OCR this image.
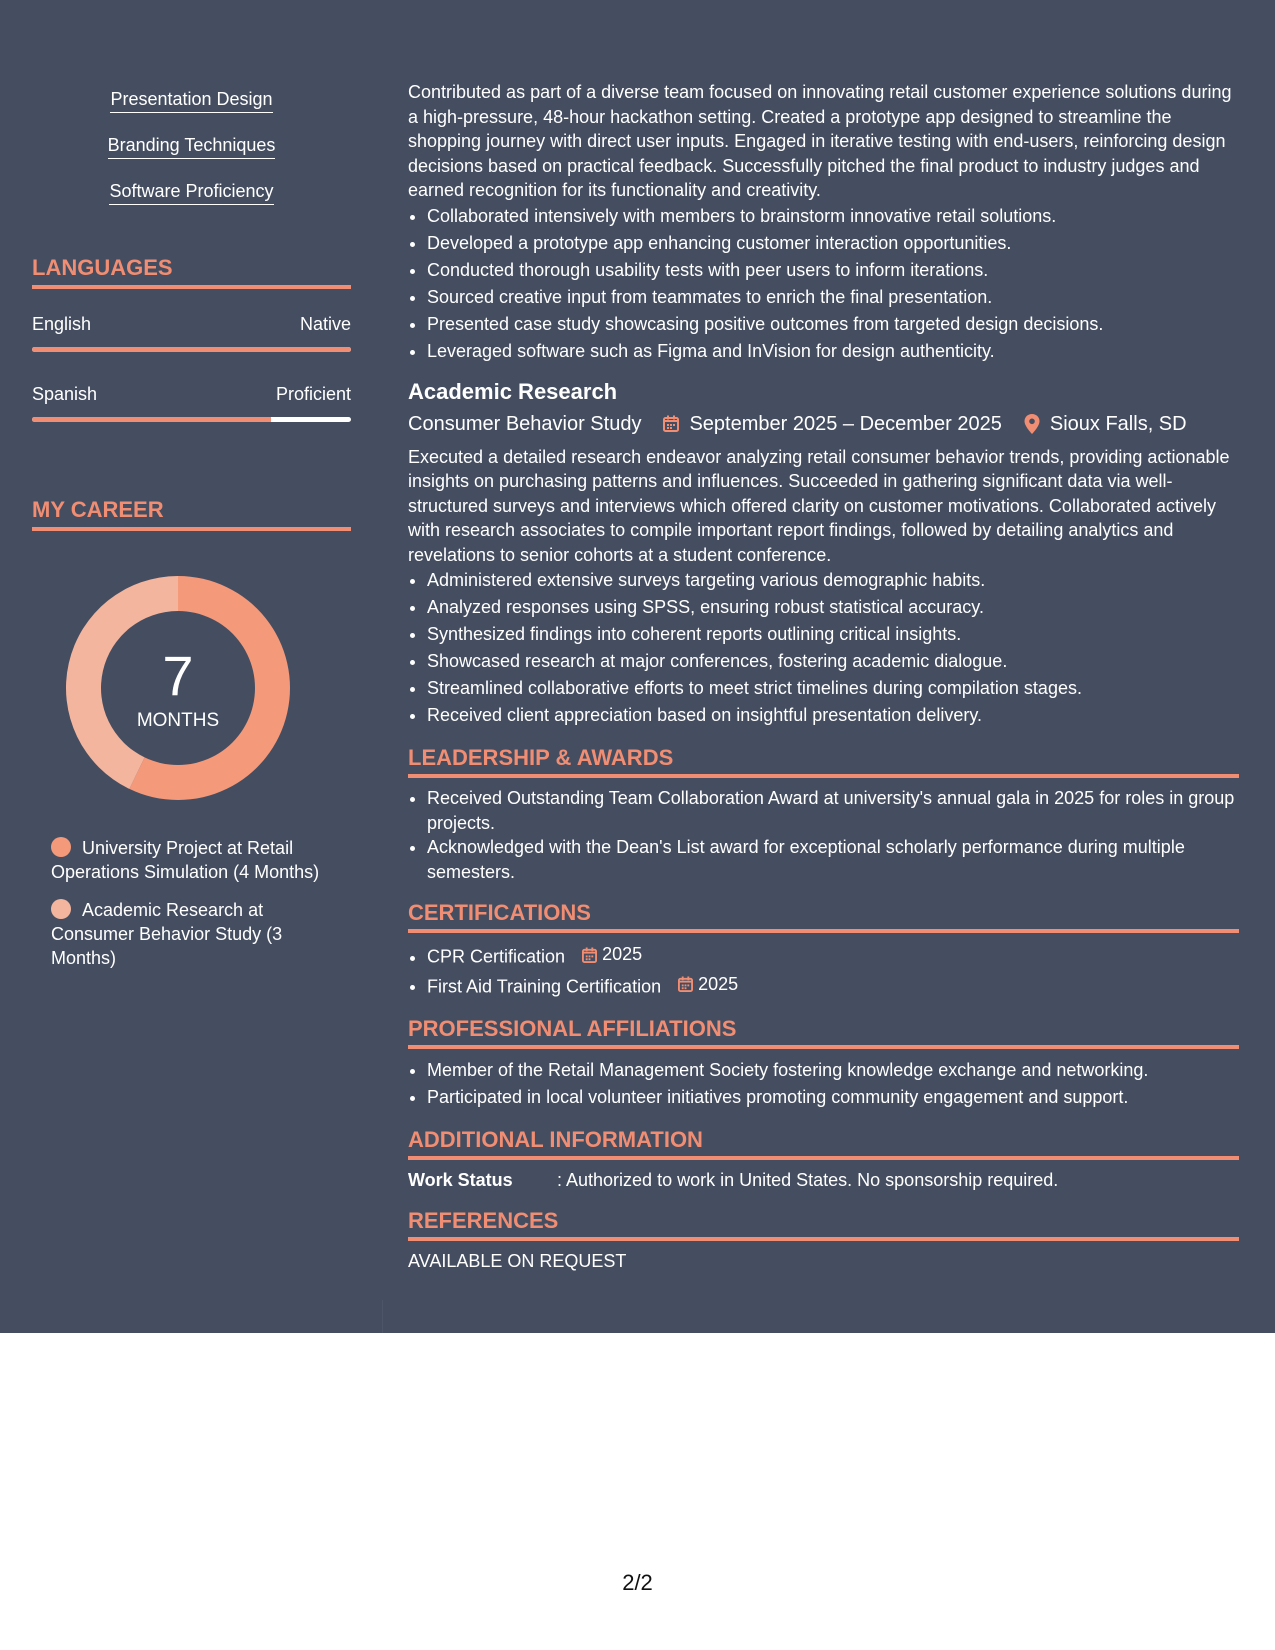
Presentation Design
Branding Techniques
Software Proficiency
LANGUAGES
English	Native
Spanish	Proficient
MY CAREER
7
MONTHS
University Project at Retail Operations Simulation (4 Months)
Academic Research at Consumer Behavior Study (3 Months)

Contributed as part of a diverse team focused on innovating retail customer experience solutions during a high-pressure, 48-hour hackathon setting. Created a prototype app designed to streamline the shopping journey with direct user inputs. Engaged in iterative testing with end-users, reinforcing design decisions based on practical feedback. Successfully pitched the final product to industry judges and earned recognition for its functionality and creativity.

• Collaborated intensively with members to brainstorm innovative retail solutions.
• Developed a prototype app enhancing customer interaction opportunities.
• Conducted thorough usability tests with peer users to inform iterations.
• Sourced creative input from teammates to enrich the final presentation.
• Presented case study showcasing positive outcomes from targeted design decisions.
• Leveraged software such as Figma and InVision for design authenticity.
Academic Research
Consumer Behavior Study September 2025 – December 2025 Sioux Falls, SD

Executed a detailed research endeavor analyzing retail consumer behavior trends, providing actionable insights on purchasing patterns and influences. Succeeded in gathering significant data via well-structured surveys and interviews which offered clarity on customer motivations. Collaborated actively with research associates to compile important report findings, followed by detailing analytics and revelations to senior cohorts at a student conference.

• Administered extensive surveys targeting various demographic habits.
• Analyzed responses using SPSS, ensuring robust statistical accuracy.
• Synthesized findings into coherent reports outlining critical insights.
• Showcased research at major conferences, fostering academic dialogue.
• Streamlined collaborative efforts to meet strict timelines during compilation stages.
• Received client appreciation based on insightful presentation delivery.
LEADERSHIP & AWARDS
• Received Outstanding Team Collaboration Award at university's annual gala in 2025 for roles in group projects.
• Acknowledged with the Dean's List award for exceptional scholarly performance during multiple semesters.
CERTIFICATIONS
• CPR Certification 2025
• First Aid Training Certification 2025
PROFESSIONAL AFFILIATIONS
• Member of the Retail Management Society fostering knowledge exchange and networking.
• Participated in local volunteer initiatives promoting community engagement and support.
ADDITIONAL INFORMATION
Work Status : Authorized to work in United States. No sponsorship required.
REFERENCES
AVAILABLE ON REQUEST
2/2
